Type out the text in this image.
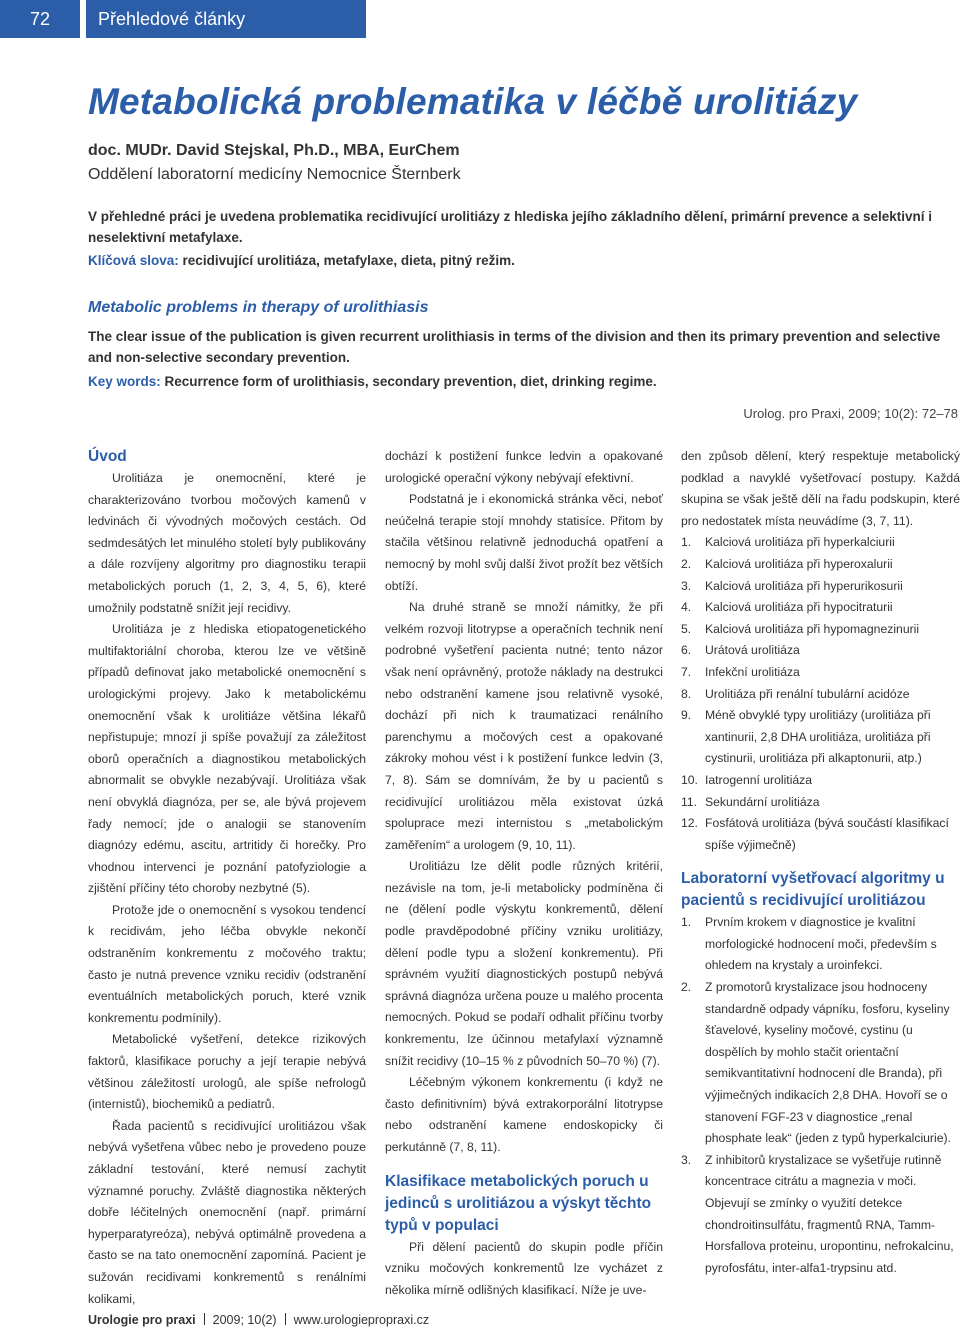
72	Přehledové články
Metabolická problematika v léčbě urolitiázy
doc. MUDr. David Stejskal, Ph.D., MBA, EurChem
Oddělení laboratorní medicíny Nemocnice Šternberk

V přehledné práci je uvedena problematika recidivující urolitiázy z hlediska jejího základního dělení, primární prevence a selektivní i neselektivní metafylaxe.

Klíčová slova: recidivující urolitiáza, metafylaxe, dieta, pitný režim.

Metabolic problems in therapy of urolithiasis

The clear issue of the publication is given recurrent urolithiasis in terms of the division and then its primary prevention and selective and non-selective secondary prevention.

Key words: Recurrence form of urolithiasis, secondary prevention, diet, drinking regime.

Urolog. pro Praxi, 2009; 10(2): 72–78
Úvod

Urolitiáza je onemocnění, které je charakterizováno tvorbou močových kamenů v ledvinách či vývodných močových cestách. Od sedmdesátých let minulého století byly publikovány a dále rozvíjeny algoritmy pro diagnostiku terapii metabolických poruch (1, 2, 3, 4, 5, 6), které umožnily podstatně snížit její recidivy.

Urolitiáza je z hlediska etiopatogenetického multifaktoriální choroba, kterou lze ve většině případů definovat jako metabolické onemocnění s urologickými projevy. Jako k metabolickému onemocnění však k urolitiáze většina lékařů nepřistupuje; mnozí ji spíše považují za záležitost oborů operačních a diagnostikou metabolických abnormalit se obvykle nezabývají. Urolitiáza však není obvyklá diagnóza, per se, ale bývá projevem řady nemocí; jde o analogii se stanovením diagnózy edému, ascitu, artritidy či horečky. Pro vhodnou intervenci je poznání patofyziologie a zjištění příčiny této choroby nezbytné (5).

Protože jde o onemocnění s vysokou tendencí k recidivám, jeho léčba obvykle nekončí odstraněním konkrementu z močového traktu; často je nutná prevence vzniku recidiv (odstranění eventuálních metabolických poruch, které vznik konkrementu podmínily).

Metabolické vyšetření, detekce rizikových faktorů, klasifikace poruchy a její terapie nebývá většinou záležitostí urologů, ale spíše nefrologů (internistů), biochemiků a pediatrů.

Řada pacientů s recidivující urolitiázou však nebývá vyšetřena vůbec nebo je provedeno pouze základní testování, které nemusí zachytit významné poruchy. Zvláště diagnostika některých dobře léčitelných onemocnění (např. primární hyperparatyreóza), nebývá optimálně provedena a často se na tato onemocnění zapomíná. Pacient je sužován recidivami konkrementů s renálními kolikami,

dochází k postižení funkce ledvin a opakované urologické operační výkony nebývají efektivní.

Podstatná je i ekonomická stránka věci, neboť neúčelná terapie stojí mnohdy statisíce. Přitom by stačila většinou relativně jednoduchá opatření a nemocný by mohl svůj další život prožít bez větších obtíží.

Na druhé straně se množí námitky, že při velkém rozvoji litotrypse a operačních technik není podrobné vyšetření pacienta nutné; tento názor však není oprávněný, protože náklady na destrukci nebo odstranění kamene jsou relativně vysoké, dochází při nich k traumatizaci renálního parenchymu a močových cest a opakované zákroky mohou vést i k postižení funkce ledvin (3, 7, 8). Sám se domnívám, že by u pacientů s recidivující urolitiázou měla existovat úzká spoluprace mezi internistou s „metabolickým zaměřením“ a urologem (9, 10, 11).

Urolitiázu lze dělit podle různých kritérií, nezávisle na tom, je-li metabolicky podmíněna či ne (dělení podle výskytu konkrementů, dělení podle pravděpodobné příčiny vzniku urolitiázy, dělení podle typu a složení konkrementu). Při správném využití diagnostických postupů nebývá správná diagnóza určena pouze u malého procenta nemocných. Pokud se podaří odhalit příčinu tvorby konkrementu, lze účinnou metafylaxí významně snížit recidivy (10–15 % z původních 50–70 %) (7).

Léčebným výkonem konkrementu (i když ne často definitivním) bývá extrakorporální litotrypse nebo odstranění kamene endoskopicky či perkutánně (7, 8, 11).

Klasifikace metabolických poruch u jedinců s urolitiázou a výskyt těchto typů v populaci

Při dělení pacientů do skupin podle příčin vzniku močových konkrementů lze vycházet z několika mírně odlišných klasifikací. Níže je uve-

den způsob dělení, který respektuje metabolický podklad a navyklé vyšetřovací postupy. Každá skupina se však ještě dělí na řadu podskupin, které pro nedostatek místa neuvádíme (3, 7, 11).

1. Kalciová urolitiáza při hyperkalciurii
2. Kalciová urolitiáza při hyperoxalurii
3. Kalciová urolitiáza při hyperurikosurii
4. Kalciová urolitiáza při hypocitraturii
5. Kalciová urolitiáza při hypomagnezinurii
6. Urátová urolitiáza
7. Infekční urolitiáza
8. Urolitiáza při renální tubulární acidóze
9. Méně obvyklé typy urolitiázy (urolitiáza při xantinurii, 2,8 DHA urolitiáza, urolitiáza při cystinurii, urolitiáza při alkaptonurii, atp.)
10. Iatrogenní urolitiáza
11. Sekundární urolitiáza
12. Fosfátová urolitiáza (bývá součástí klasifikací spíše výjimečně)
Laboratorní vyšetřovací algoritmy u pacientů s recidivující urolitiázou
1. Prvním krokem v diagnostice je kvalitní morfologické hodnocení moči, především s ohledem na krystaly a uroinfekci.
2. Z promotorů krystalizace jsou hodnoceny standardně odpady vápníku, fosforu, kyseliny šťavelové, kyseliny močové, cystinu (u dospělích by mohlo stačit orientační semikvantitativní hodnocení dle Brandа), při výjimečných indikacích 2,8 DHA. Hovoří se o stanovení FGF-23 v diagnostice „renal phosphate leak“ (jeden z typů hyperkalciurie).
3. Z inhibitorů krystalizace se vyšetřuje rutinně koncentrace citrátu a magnezia v moči. Objevují se zmínky o využití detekce chondroitinsulfátu, fragmentů RNA, Tamm-Horsfallova proteinu, uropontinu, nefrokalcinu, pyrofosfátu, inter-alfa1-trypsinu atd.
Urologie pro praxi 2009; 10(2) www.urologiepropraxi.cz
